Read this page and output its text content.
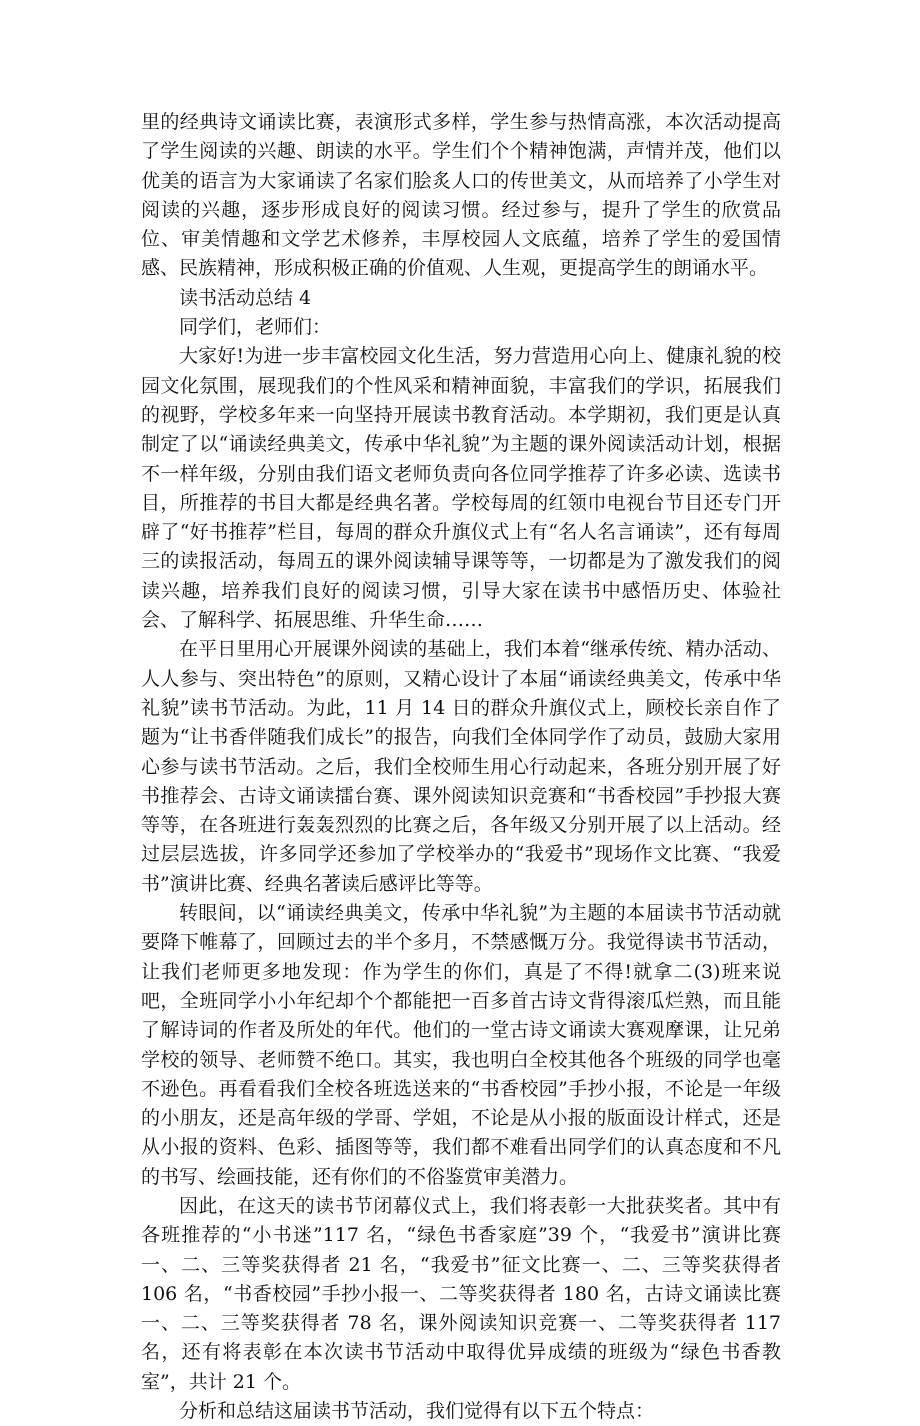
里的经典诗文诵读比赛，表演形式多样，学生参与热情高涨，本次活动提高了学生阅读的兴趣、朗读的水平。学生们个个精神饱满，声情并茂，他们以优美的语言为大家诵读了名家们脍炙人口的传世美文，从而培养了小学生对阅读的兴趣，逐步形成良好的阅读习惯。经过参与，提升了学生的欣赏品位、审美情趣和文学艺术修养，丰厚校园人文底蕴，培养了学生的爱国情感、民族精神，形成积极正确的价值观、人生观，更提高学生的朗诵水平。

读书活动总结 4

同学们，老师们：

大家好!为进一步丰富校园文化生活，努力营造用心向上、健康礼貌的校园文化氛围，展现我们的个性风采和精神面貌，丰富我们的学识，拓展我们的视野，学校多年来一向坚持开展读书教育活动。本学期初，我们更是认真制定了以“诵读经典美文，传承中华礼貌”为主题的课外阅读活动计划，根据不一样年级，分别由我们语文老师负责向各位同学推荐了许多必读、选读书目，所推荐的书目大都是经典名著。学校每周的红领巾电视台节目还专门开辟了“好书推荐”栏目，每周的群众升旗仪式上有“名人名言诵读”，还有每周三的读报活动，每周五的课外阅读辅导课等等，一切都是为了激发我们的阅读兴趣，培养我们良好的阅读习惯，引导大家在读书中感悟历史、体验社会、了解科学、拓展思维、升华生命……

在平日里用心开展课外阅读的基础上，我们本着“继承传统、精办活动、人人参与、突出特色”的原则，又精心设计了本届“诵读经典美文，传承中华礼貌”读书节活动。为此，11 月 14 日的群众升旗仪式上，顾校长亲自作了题为“让书香伴随我们成长”的报告，向我们全体同学作了动员，鼓励大家用心参与读书节活动。之后，我们全校师生用心行动起来，各班分别开展了好书推荐会、古诗文诵读擂台赛、课外阅读知识竞赛和“书香校园”手抄报大赛等等，在各班进行轰轰烈烈的比赛之后，各年级又分别开展了以上活动。经过层层选拔，许多同学还参加了学校举办的“我爱书”现场作文比赛、“我爱书”演讲比赛、经典名著读后感评比等等。

转眼间，以“诵读经典美文，传承中华礼貌”为主题的本届读书节活动就要降下帷幕了，回顾过去的半个多月，不禁感慨万分。我觉得读书节活动，让我们老师更多地发现：作为学生的你们，真是了不得!就拿二(3)班来说吧，全班同学小小年纪却个个都能把一百多首古诗文背得滚瓜烂熟，而且能了解诗词的作者及所处的年代。他们的一堂古诗文诵读大赛观摩课，让兄弟学校的领导、老师赞不绝口。其实，我也明白全校其他各个班级的同学也毫不逊色。再看看我们全校各班选送来的“书香校园”手抄小报，不论是一年级的小朋友，还是高年级的学哥、学姐，不论是从小报的版面设计样式，还是从小报的资料、色彩、插图等等，我们都不难看出同学们的认真态度和不凡的书写、绘画技能，还有你们的不俗鉴赏审美潜力。

因此，在这天的读书节闭幕仪式上，我们将表彰一大批获奖者。其中有各班推荐的“小书迷”117 名，“绿色书香家庭”39 个，“我爱书”演讲比赛一、二、三等奖获得者 21 名，“我爱书”征文比赛一、二、三等奖获得者 106 名，“书香校园”手抄小报一、二等奖获得者 180 名，古诗文诵读比赛一、二、三等奖获得者 78 名，课外阅读知识竞赛一、二等奖获得者 117 名，还有将表彰在本次读书节活动中取得优异成绩的班级为“绿色书香教室”，共计 21 个。

分析和总结这届读书节活动，我们觉得有以下五个特点：
